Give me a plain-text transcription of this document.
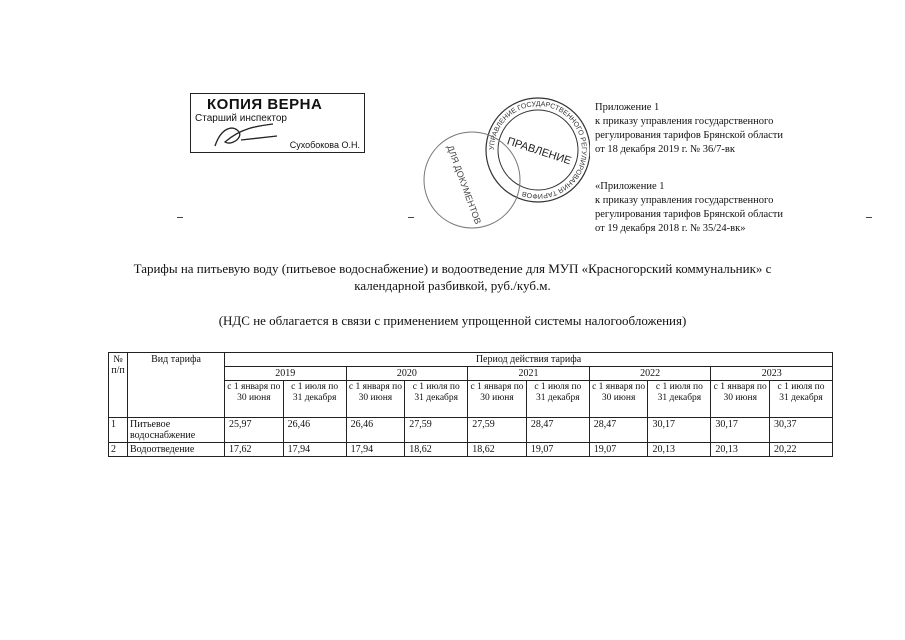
КОПИЯ ВЕРНА
Старший инспектор
Сухобокова О.Н.	УПРАВЛЕНИЕ ГОСУДАРСТВЕННОГО РЕГУЛИРОВАНИЯ ТАРИФОВ
ПРАВЛЕНИЕ
ДЛЯ ДОКУМЕНТОВ
Приложение 1
к приказу управления государственного
регулирования тарифов Брянской области
от 18 декабря 2019 г. № 36/7-вк
«Приложение 1
к приказу управления государственного
регулирования тарифов Брянской области
от 19 декабря 2018 г. № 35/24-вк»
Тарифы на питьевую воду (питьевое водоснабжение) и водоотведение для МУП «Красногорский коммунальник» с
календарной разбивкой, руб./куб.м.
(НДС не облагается в связи с применением упрощенной системы налогообложения)
№ п/п	Вид тарифа	Период действия тарифа									
		2019		2020		2021		2022		2023	
		с 1 января по 30 июня	с 1 июля по 31 декабря	с 1 января по 30 июня	с 1 июля по 31 декабря	с 1 января по 30 июня	с 1 июля по 31 декабря	с 1 января по 30 июня	с 1 июля по 31 декабря	с 1 января по 30 июня	с 1 июля по 31 декабря
1	Питьевое водоснабжение	25,97	26,46	26,46	27,59	27,59	28,47	28,47	30,17	30,17	30,37
2	Водоотведение	17,62	17,94	17,94	18,62	18,62	19,07	19,07	20,13	20,13	20,22
